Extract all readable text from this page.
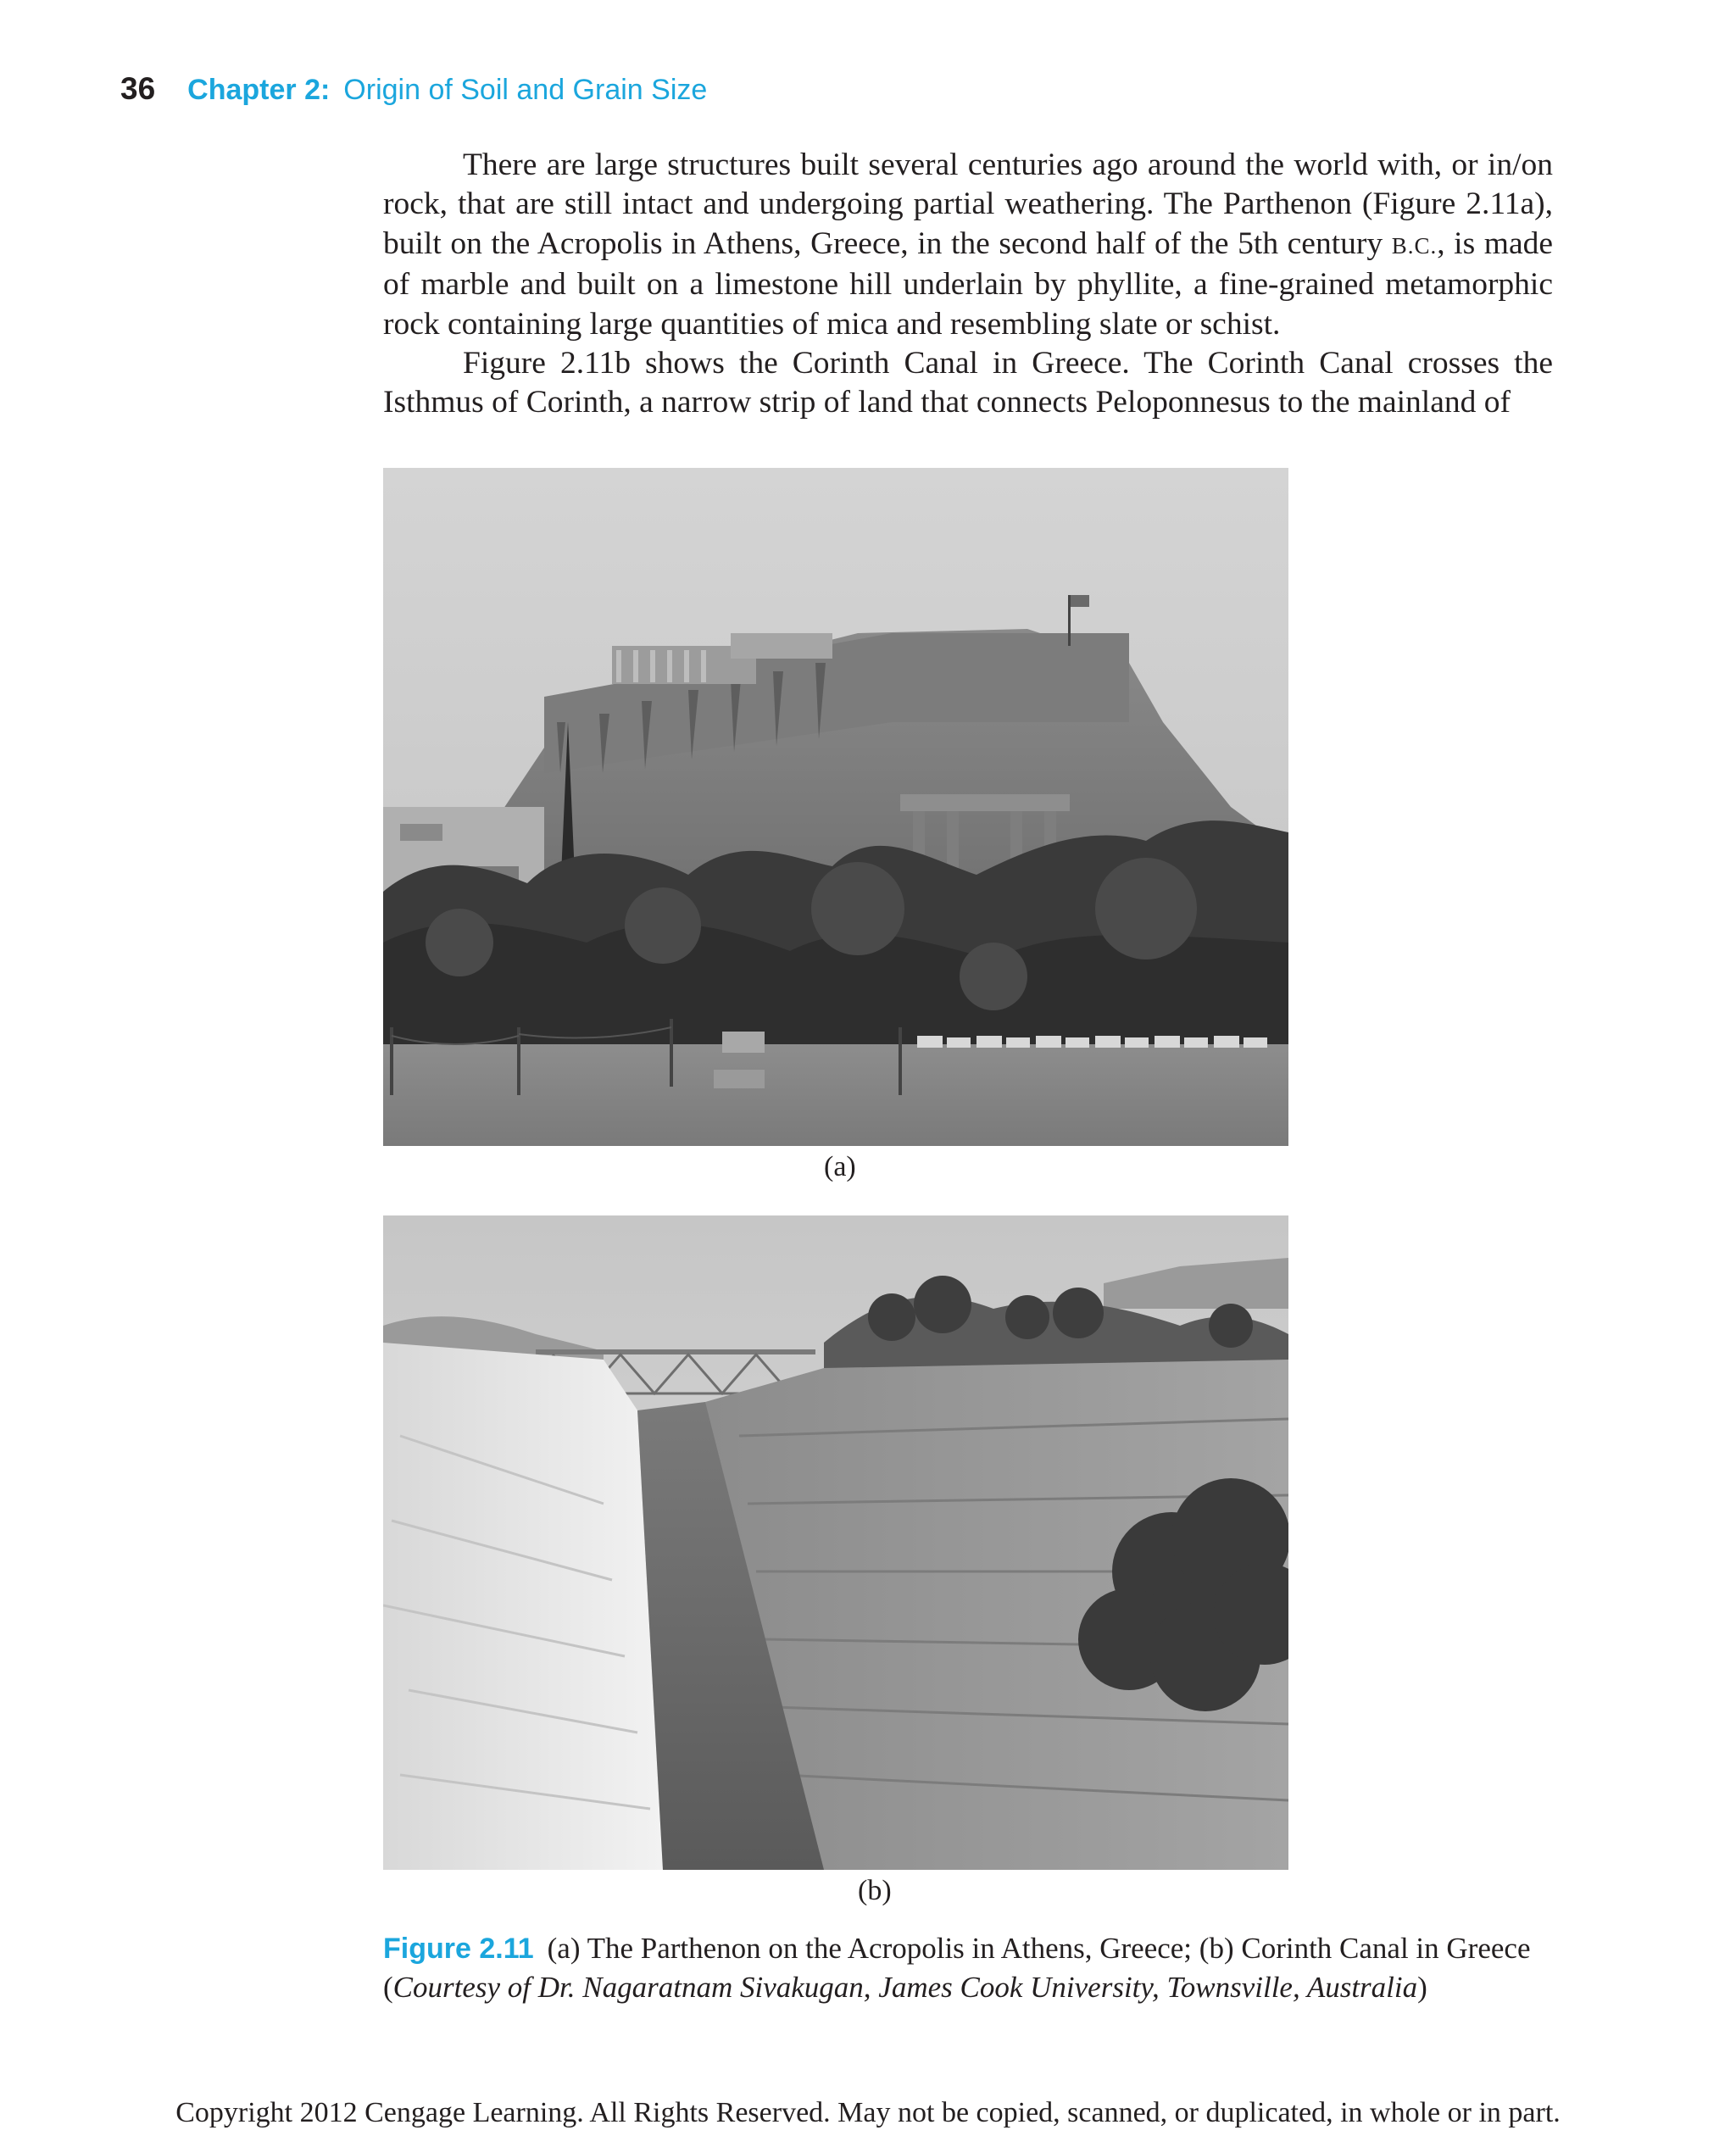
36 Chapter 2: Origin of Soil and Grain Size

There are large structures built several centuries ago around the world with, or in/on rock, that are still intact and undergoing partial weathering. The Parthenon (Figure 2.11a), built on the Acropolis in Athens, Greece, in the second half of the 5th century B.C., is made of marble and built on a limestone hill underlain by phyllite, a fine-grained metamorphic rock containing large quantities of mica and resembling slate or schist.

Figure 2.11b shows the Corinth Canal in Greece. The Corinth Canal crosses the Isthmus of Corinth, a narrow strip of land that connects Peloponnesus to the mainland of

(a)
(b)
Figure 2.11 (a) The Parthenon on the Acropolis in Athens, Greece; (b) Corinth Canal in Greece
(Courtesy of Dr. Nagaratnam Sivakugan, James Cook University, Townsville, Australia)
Copyright 2012 Cengage Learning. All Rights Reserved. May not be copied, scanned, or duplicated, in whole or in part.
